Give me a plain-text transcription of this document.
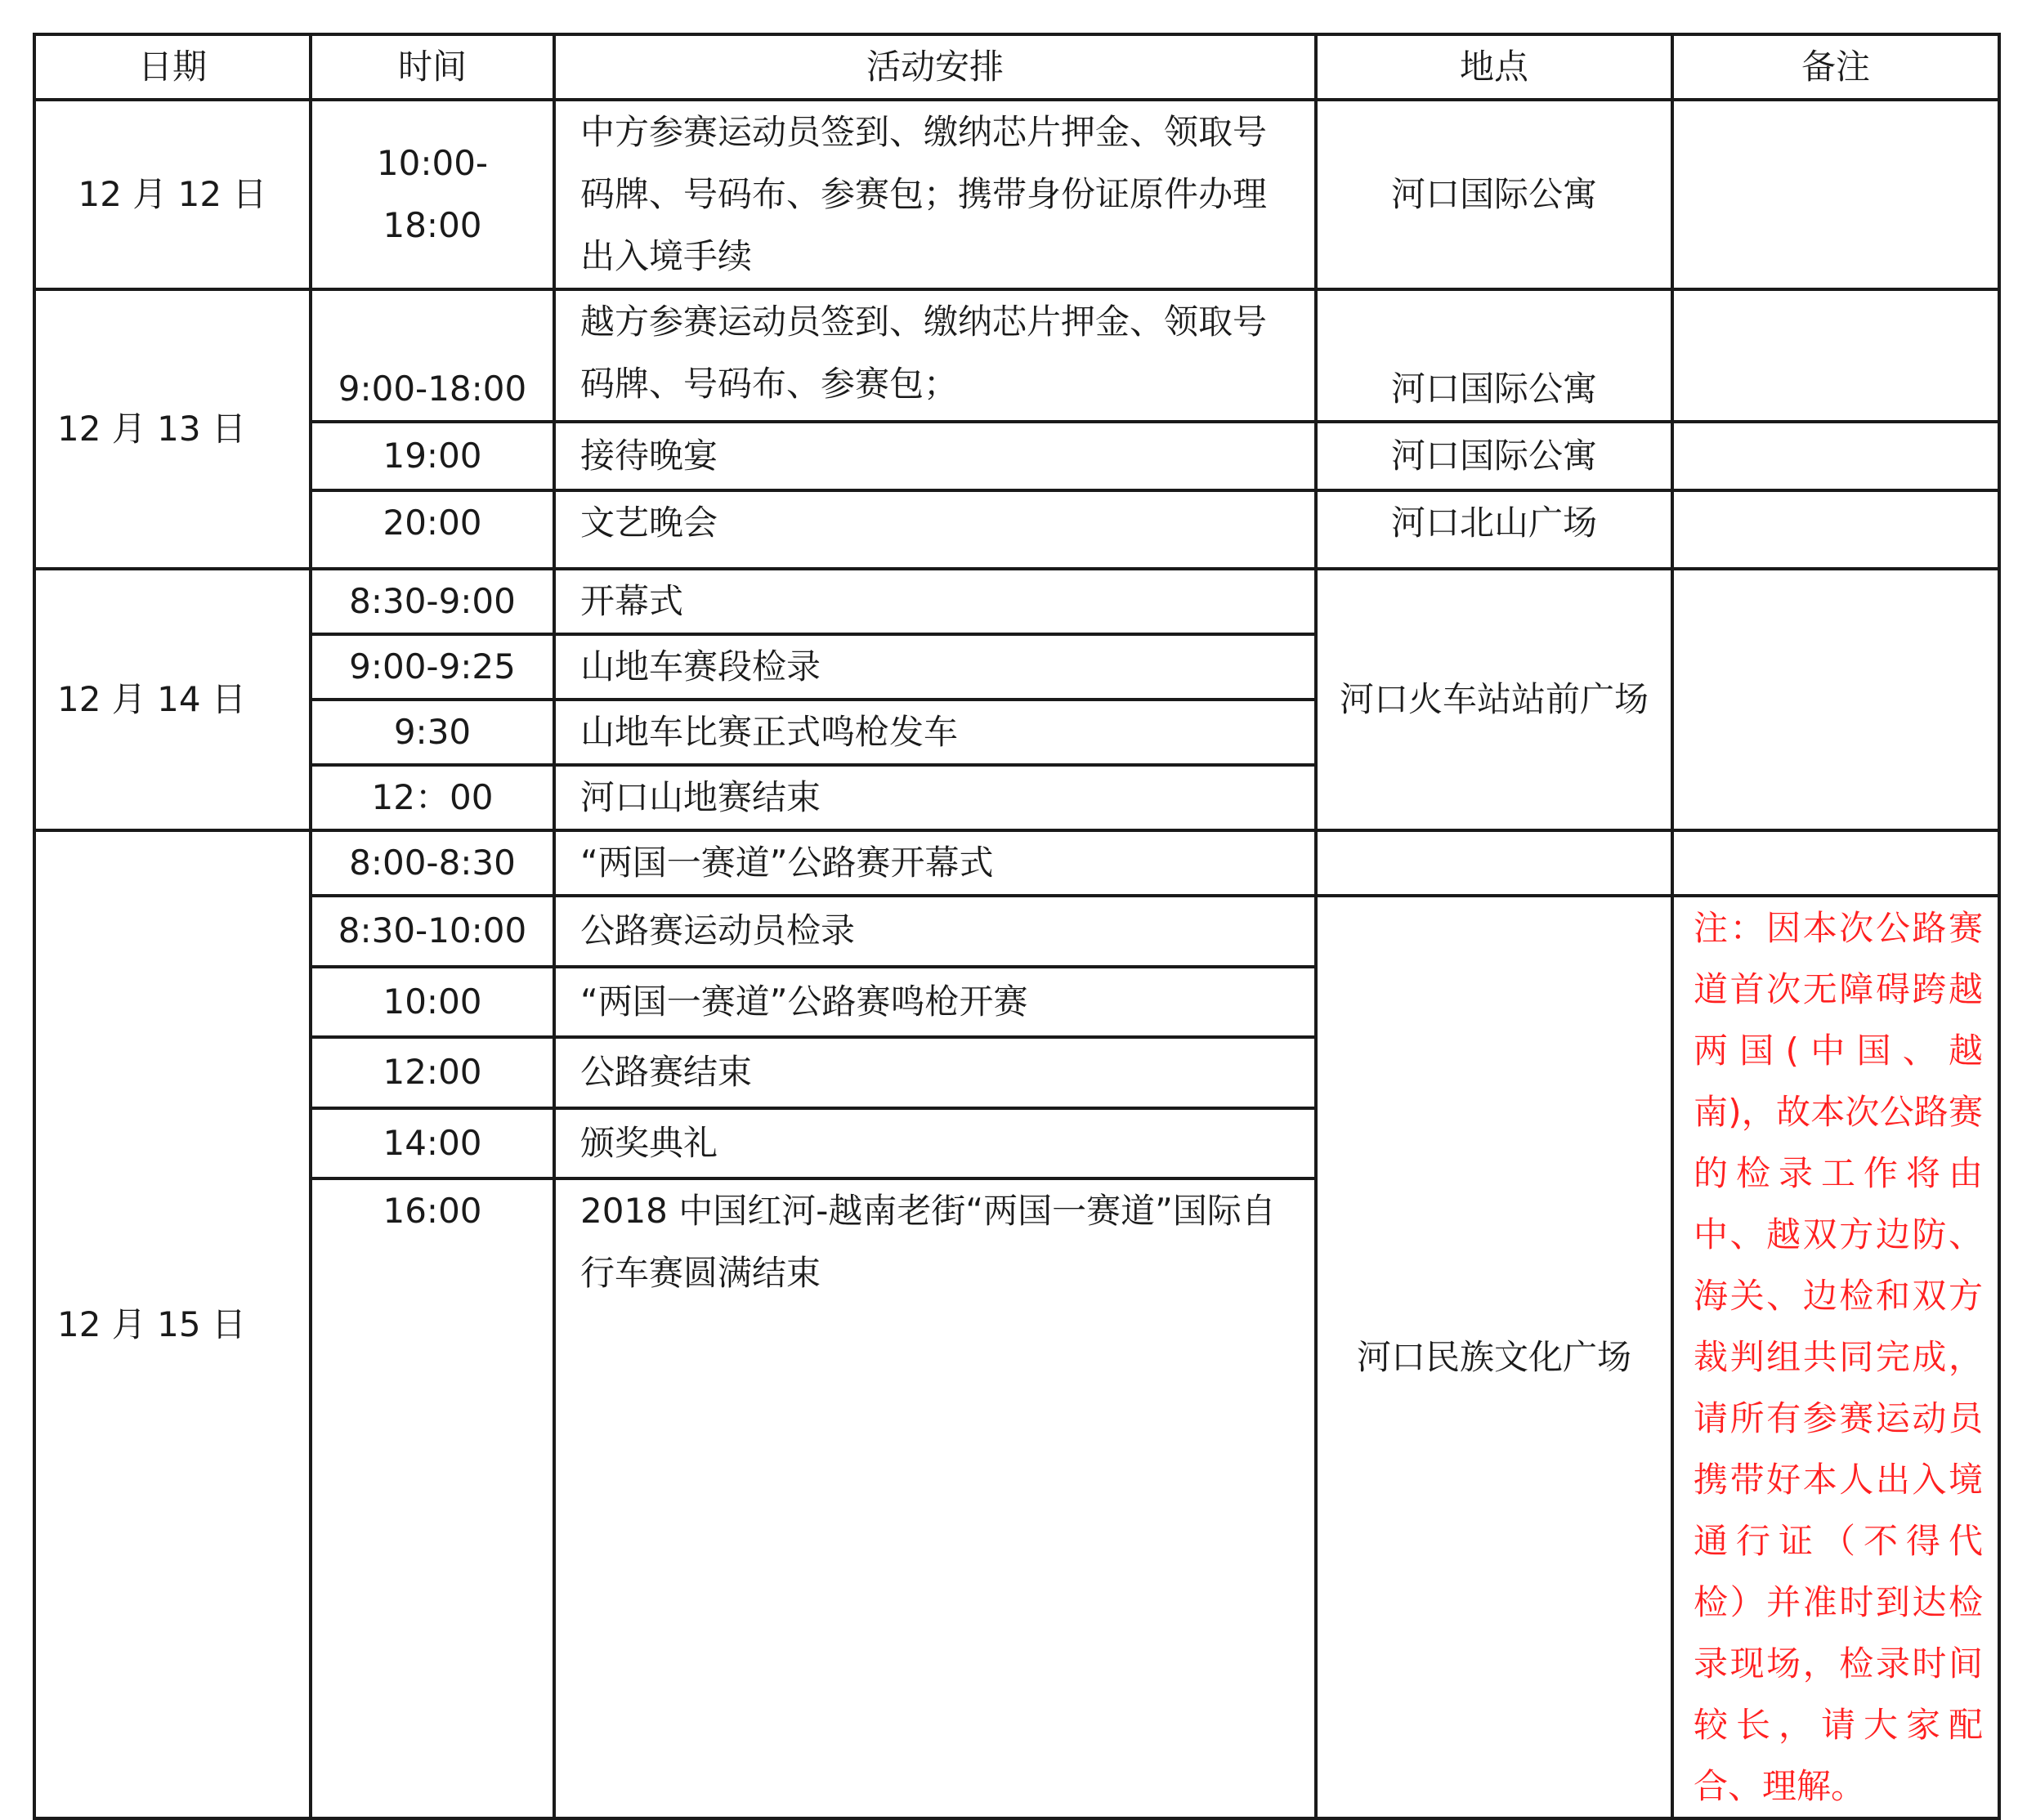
日期	时间	活动安排	地点	备注
12 月 12 日	10:00-18:00	中方参赛运动员签到、缴纳芯片押金、领取号码牌、号码布、参赛包；携带身份证原件办理出入境手续	河口国际公寓	
12 月 13 日	9:00-18:00	越方参赛运动员签到、缴纳芯片押金、领取号码牌、号码布、参赛包；	河口国际公寓	
	19:00	接待晚宴	河口国际公寓	
	20:00	文艺晚会	河口北山广场	
12 月 14 日	8:30-9:00	开幕式	河口火车站站前广场	
	9:00-9:25	山地车赛段检录		
	9:30	山地车比赛正式鸣枪发车		
	12：00	河口山地赛结束		
12 月 15 日	8:00-8:30	“两国一赛道”公路赛开幕式		
	8:30-10:00	公路赛运动员检录	河口民族文化广场	注：因本次公路赛道首次无障碍跨越两国(中国、越南)，故本次公路赛的检录工作将由中、越双方边防、海关、边检和双方裁判组共同完成，请所有参赛运动员携带好本人出入境通行证（不得代检）并准时到达检录现场，检录时间较长，请大家配合、理解。
	10:00	“两国一赛道”公路赛鸣枪开赛		
	12:00	公路赛结束		
	14:00	颁奖典礼		
	16:00	2018 中国红河-越南老街“两国一赛道”国际自行车赛圆满结束		
